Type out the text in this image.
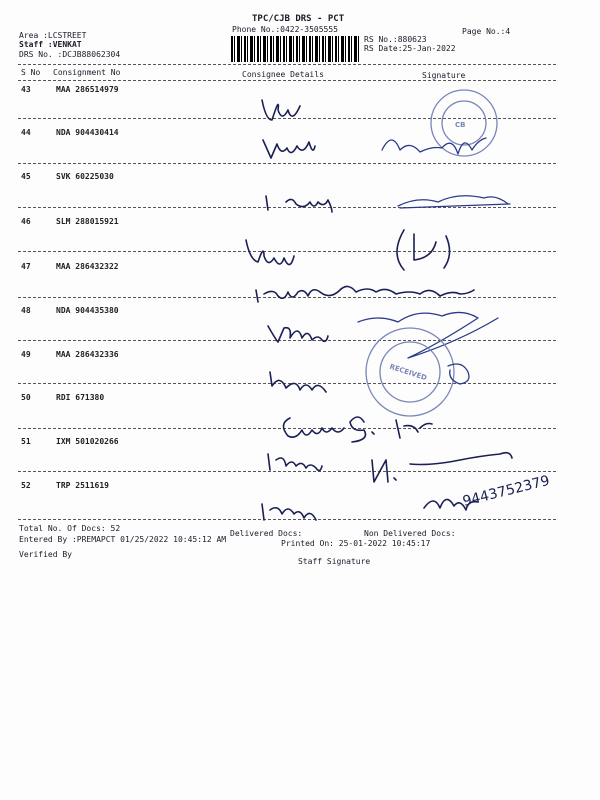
TPC/CJB DRS - PCT
Phone No.:0422-3505555	Page No.:4
Area :LCSTREET
Staff :VENKAT
DRS No. :DCJB88062304
RS No.:880623
RS Date:25-Jan-2022
S No Consignment No	Consignee Details	Signature
43	MAA 286514979
44	NDA 904430414
45	SVK 60225030
46	SLM 288015921
47	MAA 286432322
48	NDA 904435380
49	MAA 286432336
50	RDI 671380
51	IXM 501020266
52	TRP 2511619
CB
RECEIVED
9443752379
Total No. Of Docs: 52
Delivered Docs:	Non Delivered Docs:
Entered By :PREMAPCT 01/25/2022 10:45:12 AM	Printed On: 25-01-2022 10:45:17
Verified By
Staff Signature
